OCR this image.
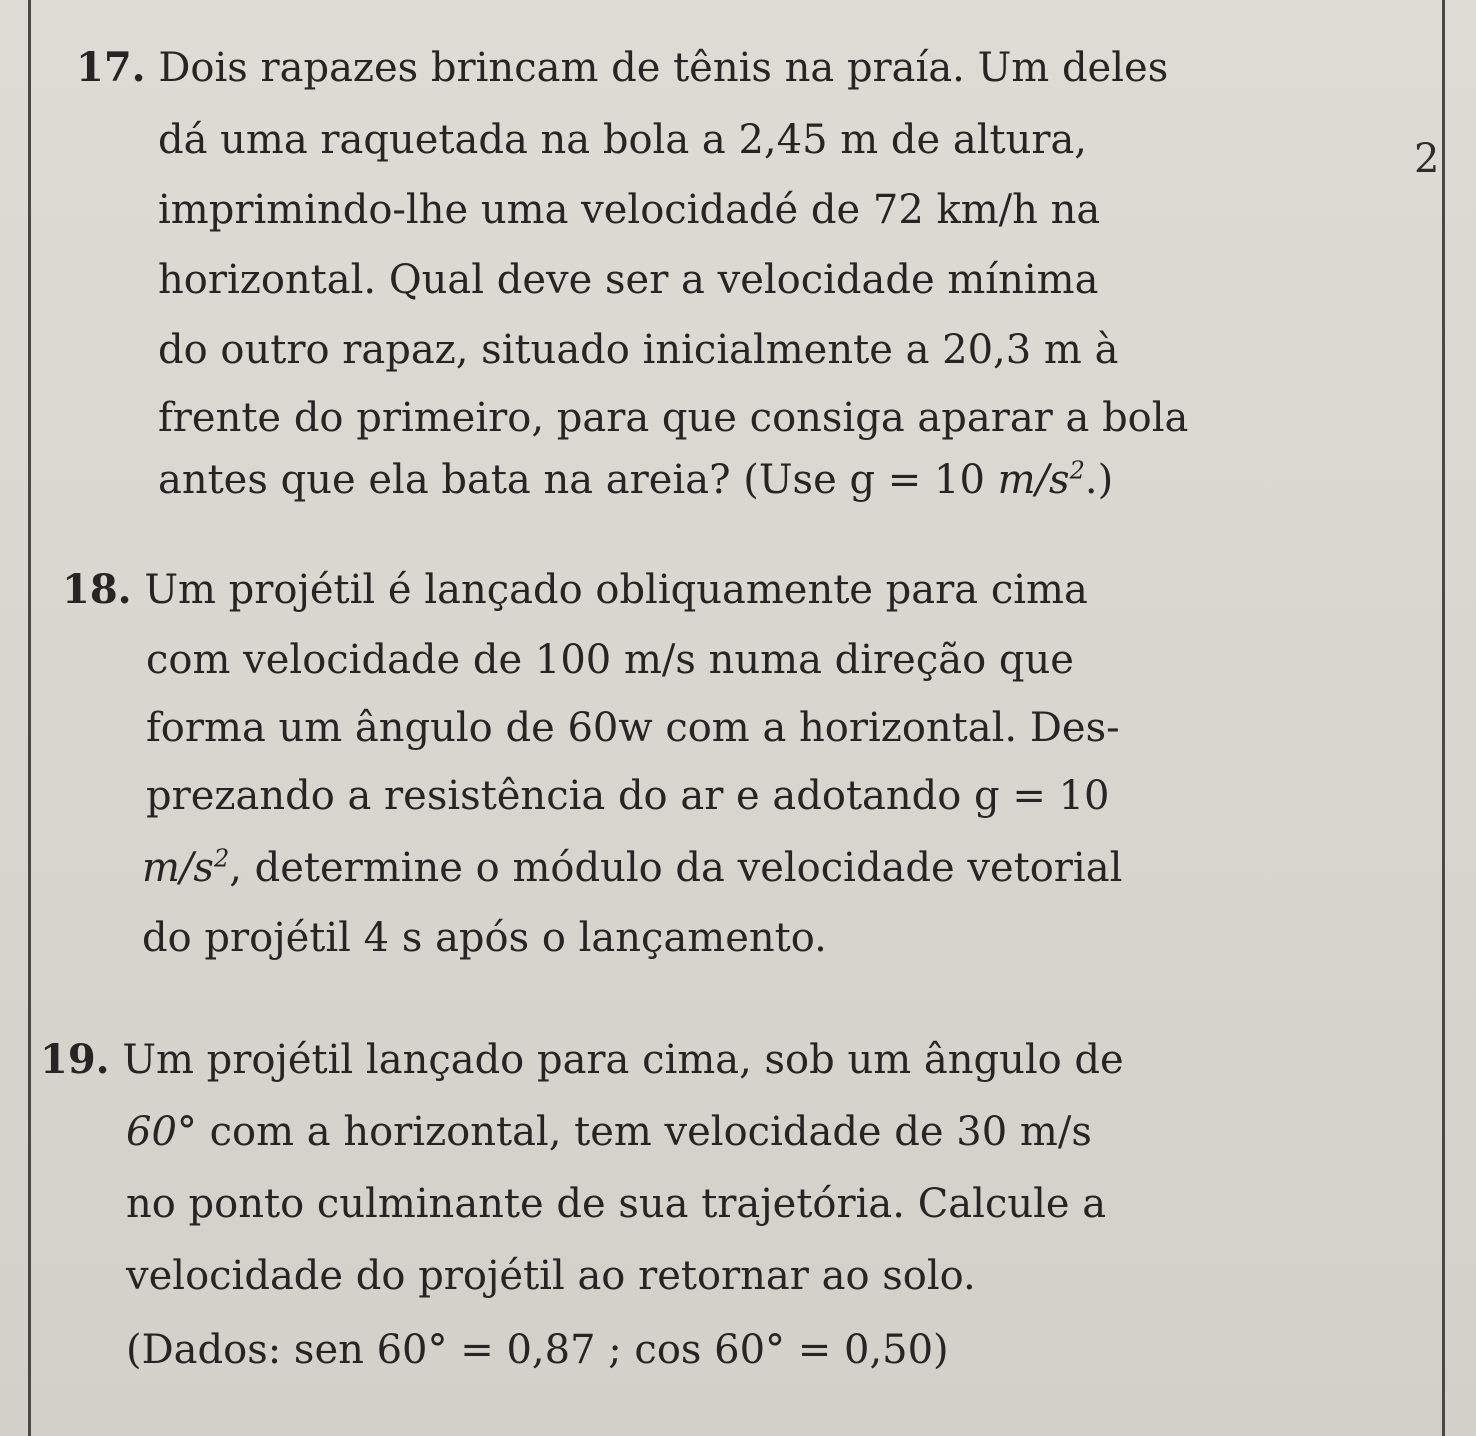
2
17. Dois rapazes brincam de tênis na praía. Um deles
dá uma raquetada na bola a 2,45 m de altura,
imprimindo-lhe uma velocidadé de 72 km/h na
horizontal. Qual deve ser a velocidade mínima
do outro rapaz, situado inicialmente a 20,3 m à
frente do primeiro, para que consiga aparar a bola
antes que ela bata na areia? (Use g = 10 $m/s^2$.)
18. Um projétil é lançado obliquamente para cima
com velocidade de 100 m/s numa direção que
forma um ângulo de 60w com a horizontal. Des-
prezando a resistência do ar e adotando g = 10
$m/s^2$, determine o módulo da velocidade vetorial
do projétil 4 s após o lançamento.
19. Um projétil lançado para cima, sob um ângulo de
60° com a horizontal, tem velocidade de 30 m/s
no ponto culminante de sua trajetória. Calcule a
velocidade do projétil ao retornar ao solo.
(Dados: sen 60° = 0,87 ; cos 60° = 0,50)
